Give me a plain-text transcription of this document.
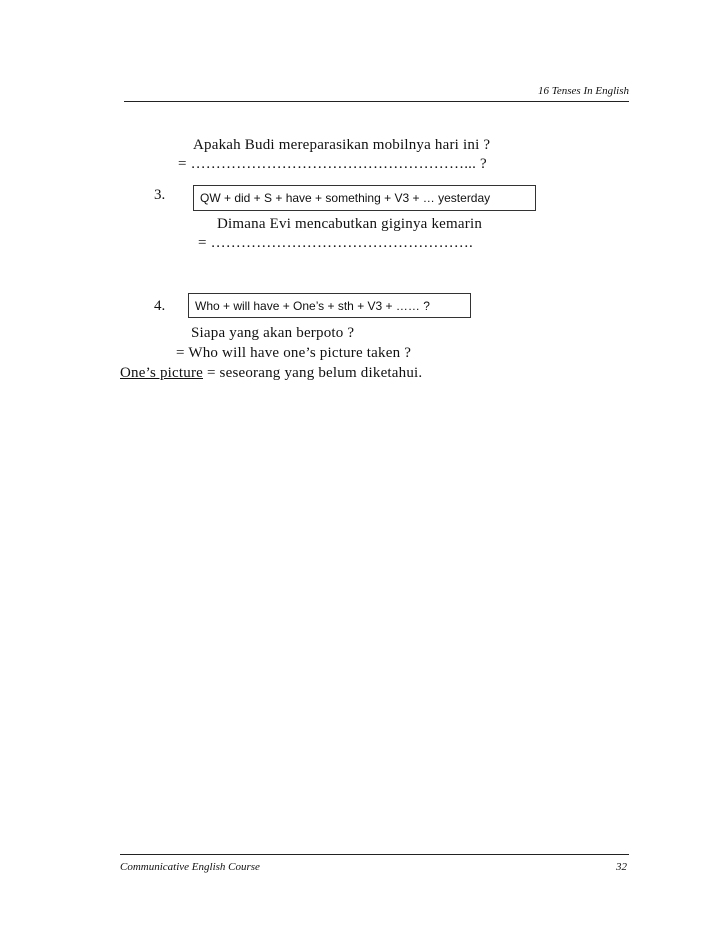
16 Tenses In English
Apakah Budi mereparasikan mobilnya hari ini ?
= ………………………………………………... ?
3.	QW + did + S + have + something + V3 + … yesterday
Dimana Evi mencabutkan giginya kemarin
= …………………………………………….
4.	Who + will have + One’s + sth + V3 + …… ?
Siapa yang akan berpoto ?
= Who will have one’s picture taken ?
One’s picture = seseorang yang belum diketahui.
Communicative English Course	32
